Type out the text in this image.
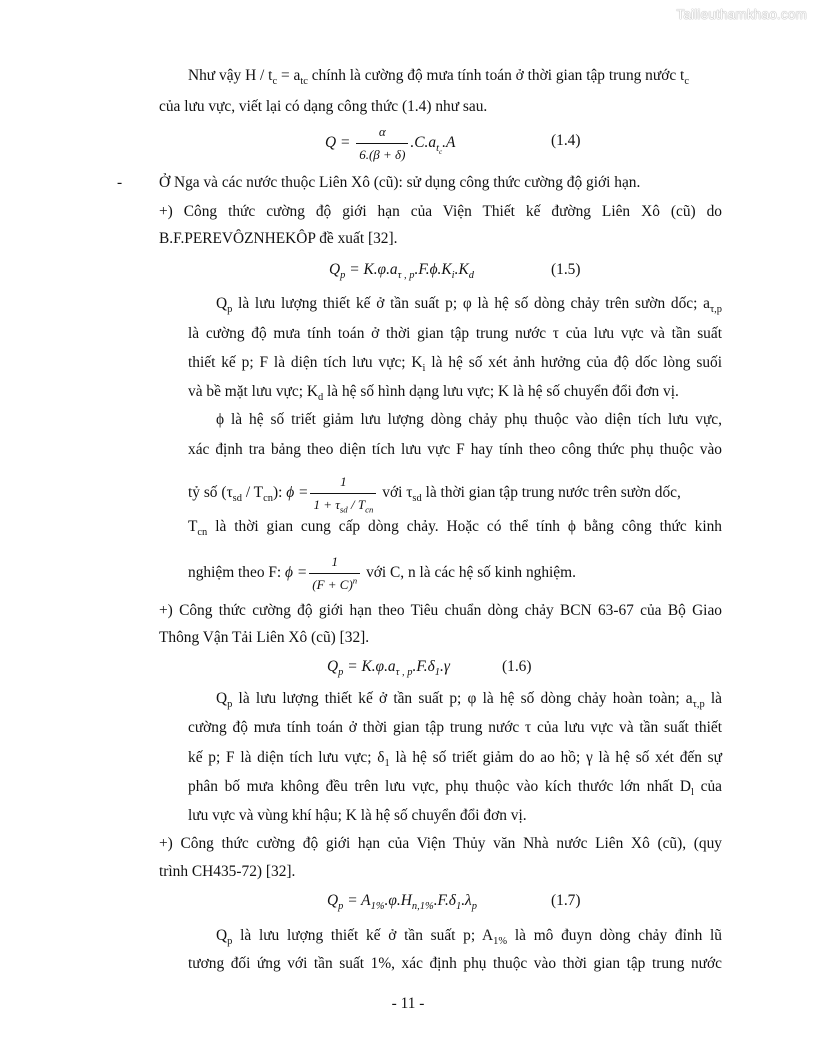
Tailieuthamkhao.com
Như vậy $H / t_c = a_{tc}$ chính là cường độ mưa tính toán ở thời gian tập trung nước $t_c$
của lưu vực, viết lại có dạng công thức (1.4) như sau.
$Q = \frac{\alpha}{6.(\beta + \delta)} .C.a_{t_c}.A$	(1.4)
- Ở Nga và các nước thuộc Liên Xô (cũ): sử dụng công thức cường độ giới hạn.
+) Công thức cường độ giới hạn của Viện Thiết kế đường Liên Xô (cũ) do
B.F.PEREVÔZNHEKÔP đề xuất [32].
$Q_p = K.\varphi.a_{\tau , p}.F.\phi.K_i.K_d$	(1.5)
$Q_p$ là lưu lượng thiết kế ở tần suất p; φ là hệ số dòng chảy trên sườn dốc; $a_{\tau,p}$
là cường độ mưa tính toán ở thời gian tập trung nước τ của lưu vực và tần suất
thiết kế p; F là diện tích lưu vực; $K_i$ là hệ số xét ảnh hưởng của độ dốc lòng suối
và bề mặt lưu vực; $K_d$ là hệ số hình dạng lưu vực; K là hệ số chuyển đổi đơn vị.
ϕ là hệ số triết giảm lưu lượng dòng chảy phụ thuộc vào diện tích lưu vực,
xác định tra bảng theo diện tích lưu vực F hay tính theo công thức phụ thuộc vào
tỷ số $(\tau_{sd} / T_{cn})$: $\phi = \frac{1}{1 + \tau_{sd} / T_{cn}}$ với $\tau_{sd}$ là thời gian tập trung nước trên sườn dốc,
$T_{cn}$ là thời gian cung cấp dòng chảy. Hoặc có thể tính ϕ bằng công thức kinh
nghiệm theo F: $\phi = \frac{1}{(F + C)^n}$ với C, n là các hệ số kinh nghiệm.
+) Công thức cường độ giới hạn theo Tiêu chuẩn dòng chảy BCN 63-67 của Bộ Giao
Thông Vận Tải Liên Xô (cũ) [32].
$Q_p = K.\varphi.a_{\tau , p}.F.\delta_1.\gamma$	(1.6)
$Q_p$ là lưu lượng thiết kế ở tần suất p; φ là hệ số dòng chảy hoàn toàn; $a_{\tau,p}$ là
cường độ mưa tính toán ở thời gian tập trung nước τ của lưu vực và tần suất thiết
kế p; F là diện tích lưu vực; $\delta_1$ là hệ số triết giảm do ao hồ; γ là hệ số xét đến sự
phân bố mưa không đều trên lưu vực, phụ thuộc vào kích thước lớn nhất $D_l$ của
lưu vực và vùng khí hậu; K là hệ số chuyển đổi đơn vị.
+) Công thức cường độ giới hạn của Viện Thủy văn Nhà nước Liên Xô (cũ), (quy
trình CH435-72) [32].
$Q_p = A_{1\%}.\varphi.H_{n,1\%}.F.\delta_1.\lambda_p$	(1.7)
$Q_p$ là lưu lượng thiết kế ở tần suất p; $A_{1\%}$ là mô đuyn dòng chảy đỉnh lũ
tương đối ứng với tần suất 1%, xác định phụ thuộc vào thời gian tập trung nước
- 11 -
